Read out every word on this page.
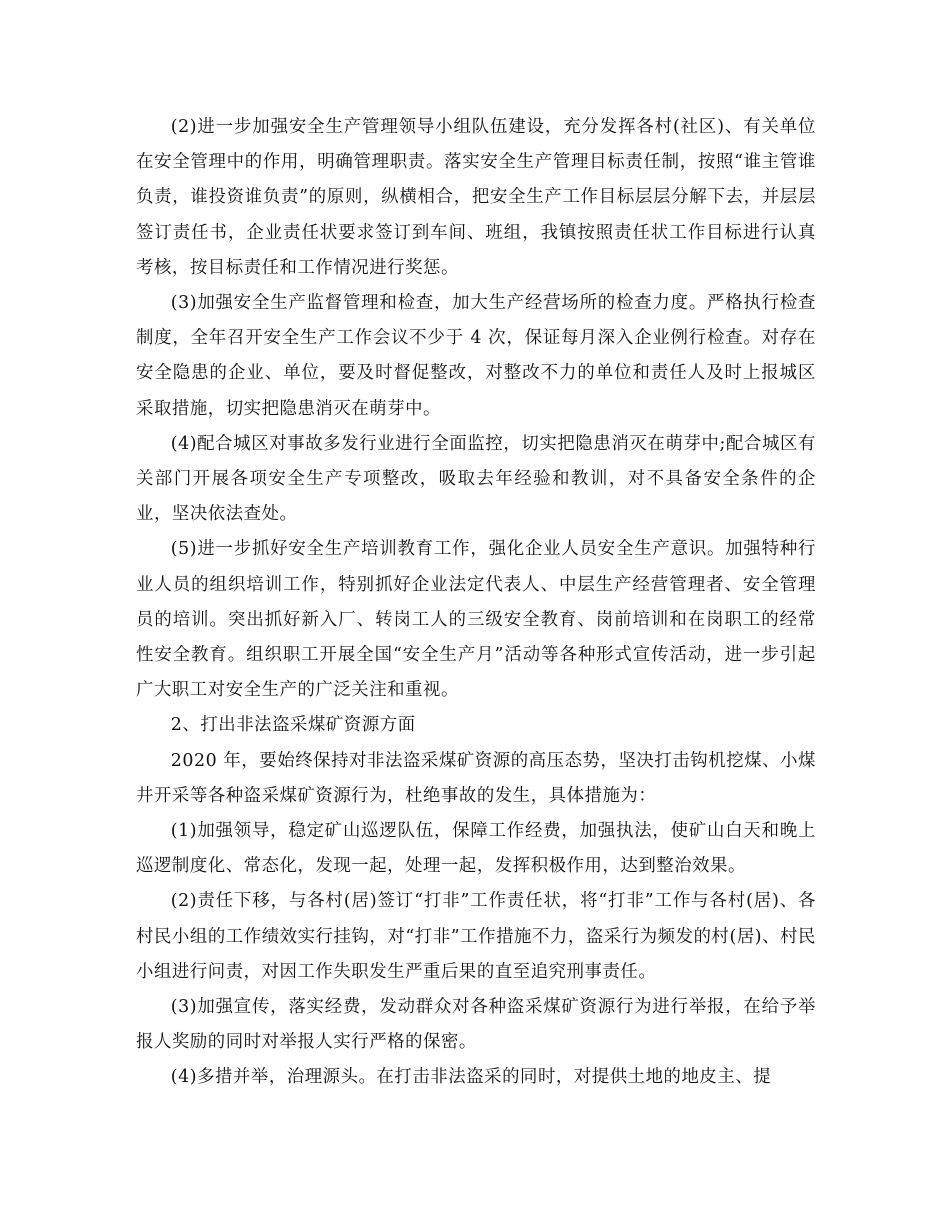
(2)进一步加强安全生产管理领导小组队伍建设，充分发挥各村(社区)、有关单位在安全管理中的作用，明确管理职责。落实安全生产管理目标责任制，按照“谁主管谁负责，谁投资谁负责”的原则，纵横相合，把安全生产工作目标层层分解下去，并层层签订责任书，企业责任状要求签订到车间、班组，我镇按照责任状工作目标进行认真考核，按目标责任和工作情况进行奖惩。

(3)加强安全生产监督管理和检查，加大生产经营场所的检查力度。严格执行检查制度，全年召开安全生产工作会议不少于 4 次，保证每月深入企业例行检查。对存在安全隐患的企业、单位，要及时督促整改，对整改不力的单位和责任人及时上报城区采取措施，切实把隐患消灭在萌芽中。

(4)配合城区对事故多发行业进行全面监控，切实把隐患消灭在萌芽中;配合城区有关部门开展各项安全生产专项整改，吸取去年经验和教训，对不具备安全条件的企业，坚决依法查处。

(5)进一步抓好安全生产培训教育工作，强化企业人员安全生产意识。加强特种行业人员的组织培训工作，特别抓好企业法定代表人、中层生产经营管理者、安全管理员的培训。突出抓好新入厂、转岗工人的三级安全教育、岗前培训和在岗职工的经常性安全教育。组织职工开展全国“安全生产月”活动等各种形式宣传活动，进一步引起广大职工对安全生产的广泛关注和重视。

2、打出非法盗采煤矿资源方面

2020 年，要始终保持对非法盗采煤矿资源的高压态势，坚决打击钩机挖煤、小煤井开采等各种盗采煤矿资源行为，杜绝事故的发生，具体措施为：

(1)加强领导，稳定矿山巡逻队伍，保障工作经费，加强执法，使矿山白天和晚上巡逻制度化、常态化，发现一起，处理一起，发挥积极作用，达到整治效果。

(2)责任下移，与各村(居)签订“打非”工作责任状，将“打非”工作与各村(居)、各村民小组的工作绩效实行挂钩，对“打非”工作措施不力，盗采行为频发的村(居)、村民小组进行问责，对因工作失职发生严重后果的直至追究刑事责任。

(3)加强宣传，落实经费，发动群众对各种盗采煤矿资源行为进行举报，在给予举报人奖励的同时对举报人实行严格的保密。

(4)多措并举，治理源头。在打击非法盗采的同时，对提供土地的地皮主、提
